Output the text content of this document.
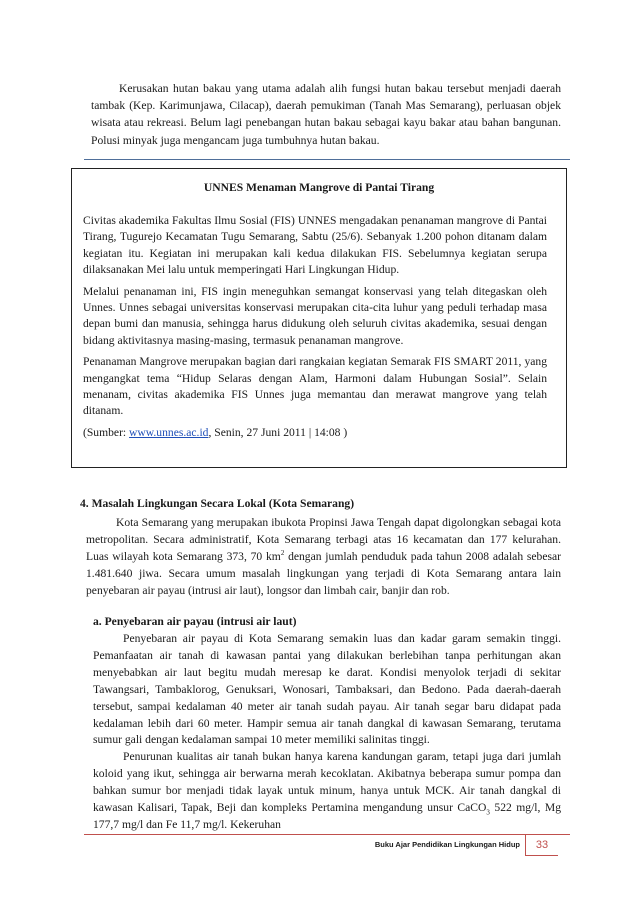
Kerusakan hutan bakau yang utama adalah alih fungsi hutan bakau tersebut menjadi daerah tambak (Kep. Karimunjawa, Cilacap), daerah pemukiman (Tanah Mas Semarang), perluasan objek wisata atau rekreasi. Belum lagi penebangan hutan bakau sebagai kayu bakar atau bahan bangunan. Polusi minyak juga mengancam juga tumbuhnya hutan bakau.

UNNES Menaman Mangrove di Pantai Tirang

Civitas akademika Fakultas Ilmu Sosial (FIS) UNNES mengadakan penanaman mangrove di Pantai Tirang, Tugurejo Kecamatan Tugu Semarang, Sabtu (25/6). Sebanyak 1.200 pohon ditanam dalam kegiatan itu. Kegiatan ini merupakan kali kedua dilakukan FIS. Sebelumnya kegiatan serupa dilaksanakan Mei lalu untuk memperingati Hari Lingkungan Hidup.

Melalui penanaman ini, FIS ingin meneguhkan semangat konservasi yang telah ditegaskan oleh Unnes. Unnes sebagai universitas konservasi merupakan cita-cita luhur yang peduli terhadap masa depan bumi dan manusia, sehingga harus didukung oleh seluruh civitas akademika, sesuai dengan bidang aktivitasnya masing-masing, termasuk penanaman mangrove.

Penanaman Mangrove merupakan bagian dari rangkaian kegiatan Semarak FIS SMART 2011, yang mengangkat tema “Hidup Selaras dengan Alam, Harmoni dalam Hubungan Sosial”. Selain menanam, civitas akademika FIS Unnes juga memantau dan merawat mangrove yang telah ditanam.

(Sumber: www.unnes.ac.id, Senin, 27 Juni 2011 | 14:08 )

4. Masalah Lingkungan Secara Lokal (Kota Semarang)

Kota Semarang yang merupakan ibukota Propinsi Jawa Tengah dapat digolongkan sebagai kota metropolitan. Secara administratif, Kota Semarang terbagi atas 16 kecamatan dan 177 kelurahan. Luas wilayah kota Semarang 373, 70 $km^2$ dengan jumlah penduduk pada tahun 2008 adalah sebesar 1.481.640 jiwa. Secara umum masalah lingkungan yang terjadi di Kota Semarang antara lain penyebaran air payau (intrusi air laut), longsor dan limbah cair, banjir dan rob.

a. Penyebaran air payau (intrusi air laut)

Penyebaran air payau di Kota Semarang semakin luas dan kadar garam semakin tinggi. Pemanfaatan air tanah di kawasan pantai yang dilakukan berlebihan tanpa perhitungan akan menyebabkan air laut begitu mudah meresap ke darat. Kondisi menyolok terjadi di sekitar Tawangsari, Tambaklorog, Genuksari, Wonosari, Tambaksari, dan Bedono. Pada daerah-daerah tersebut, sampai kedalaman 40 meter air tanah sudah payau. Air tanah segar baru didapat pada kedalaman lebih dari 60 meter. Hampir semua air tanah dangkal di kawasan Semarang, terutama sumur gali dengan kedalaman sampai 10 meter memiliki salinitas tinggi.

Penurunan kualitas air tanah bukan hanya karena kandungan garam, tetapi juga dari jumlah koloid yang ikut, sehingga air berwarna merah kecoklatan. Akibatnya beberapa sumur pompa dan bahkan sumur bor menjadi tidak layak untuk minum, hanya untuk MCK. Air tanah dangkal di kawasan Kalisari, Tapak, Beji dan kompleks Pertamina mengandung unsur CaCO$_3$ 522 mg/l, Mg 177,7 mg/l dan Fe 11,7 mg/l. Kekeruhan

Buku Ajar Pendidikan Lingkungan Hidup	33
